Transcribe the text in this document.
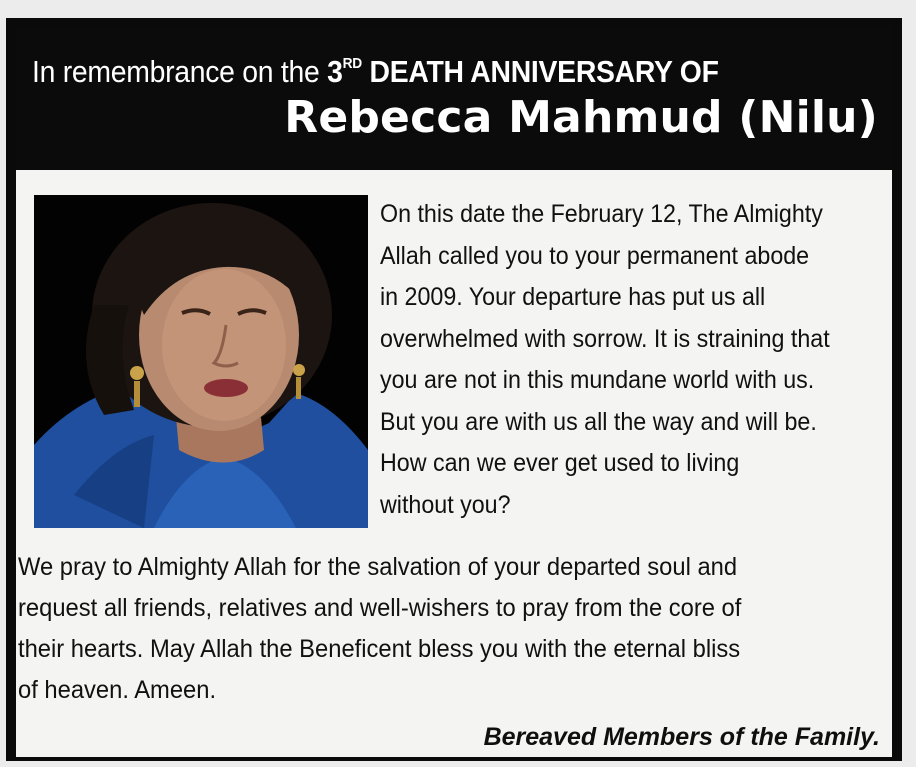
In remembrance on the 3RD DEATH ANNIVERSARY OF
Rebecca Mahmud (Nilu)
On this date the February 12, The Almighty
Allah called you to your permanent abode
in 2009. Your departure has put us all
overwhelmed with sorrow. It is straining that
you are not in this mundane world with us.
But you are with us all the way and will be.
How can we ever get used to living
without you?
We pray to Almighty Allah for the salvation of your departed soul and
request all friends, relatives and well-wishers to pray from the core of
their hearts. May Allah the Beneficent bless you with the eternal bliss
of heaven. Ameen.
Bereaved Members of the Family.
